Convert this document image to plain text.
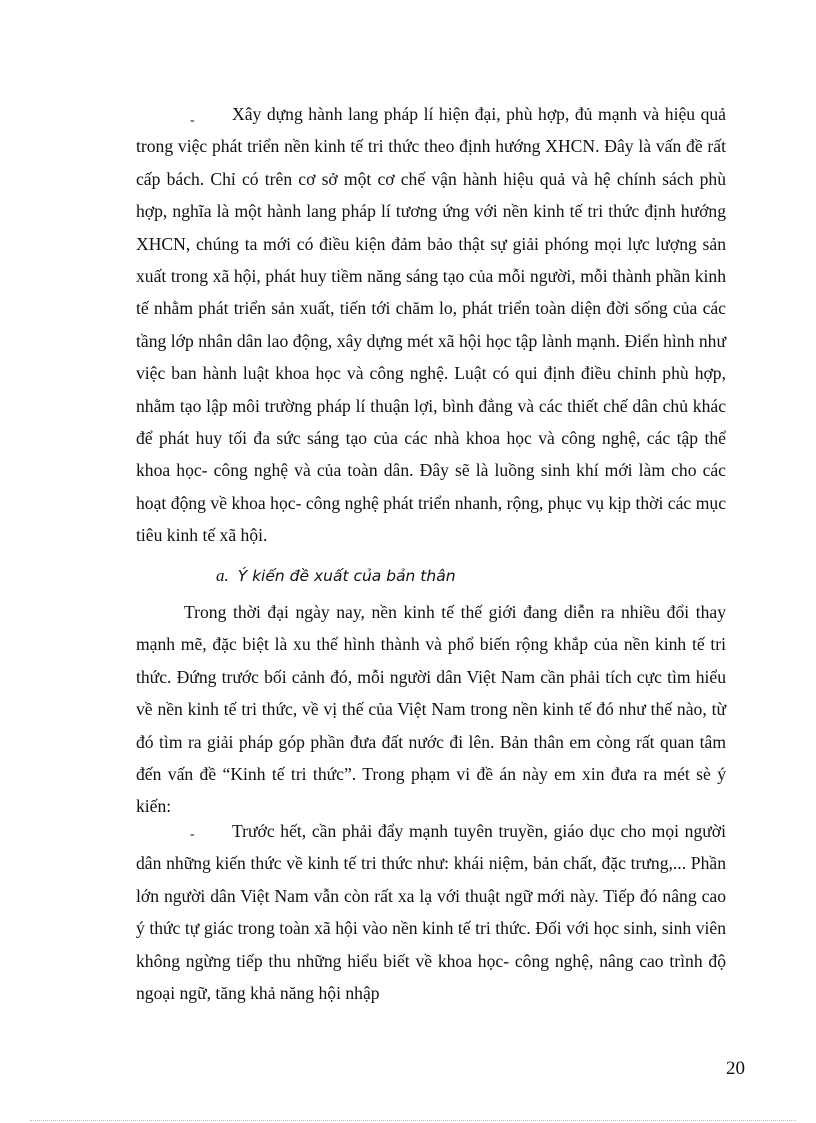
-	Xây dựng hành lang pháp lí hiện đại, phù hợp, đủ mạnh và hiệu quả trong việc phát triển nền kinh tế tri thức theo định hướng XHCN. Đây là vấn đề rất cấp bách. Chỉ có trên cơ sở một cơ chế vận hành hiệu quả và hệ chính sách phù hợp, nghĩa là một hành lang pháp lí tương ứng với nền kinh tế tri thức định hướng XHCN, chúng ta mới có điều kiện đảm bảo thật sự giải phóng mọi lực lượng sản xuất trong xã hội, phát huy tiềm năng sáng tạo của mỗi người, mỗi thành phần kinh tế nhằm phát triển sản xuất, tiến tới chăm lo, phát triển toàn diện đời sống của các tầng lớp nhân dân lao động, xây dựng mét xã hội học tập lành mạnh. Điển hình như việc ban hành luật khoa học và công nghệ. Luật có qui định điều chỉnh phù hợp, nhằm tạo lập môi trường pháp lí thuận lợi, bình đẳng và các thiết chế dân chủ khác để phát huy tối đa sức sáng tạo của các nhà khoa học và công nghệ, các tập thể khoa học- công nghệ và của toàn dân. Đây sẽ là luồng sinh khí mới làm cho các hoạt động về khoa học- công nghệ phát triển nhanh, rộng, phục vụ kịp thời các mục tiêu kinh tế xã hội.

a. Ý kiến đề xuất của bản thân

Trong thời đại ngày nay, nền kinh tế thế giới đang diễn ra nhiều đổi thay mạnh mẽ, đặc biệt là xu thế hình thành và phổ biến rộng khắp của nền kinh tế tri thức. Đứng trước bối cảnh đó, mỗi người dân Việt Nam cần phải tích cực tìm hiểu về nền kinh tế tri thức, về vị thế của Việt Nam trong nền kinh tế đó như thế nào, từ đó tìm ra giải pháp góp phần đưa đất nước đi lên. Bản thân em còng rất quan tâm đến vấn đề “Kinh tế tri thức”. Trong phạm vi đề án này em xin đưa ra mét sè ý kiến:

-	Trước hết, cần phải đẩy mạnh tuyên truyền, giáo dục cho mọi người dân những kiến thức về kinh tế tri thức như: khái niệm, bản chất, đặc trưng,... Phần lớn người dân Việt Nam vẫn còn rất xa lạ với thuật ngữ mới này. Tiếp đó nâng cao ý thức tự giác trong toàn xã hội vào nền kinh tế tri thức. Đối với học sinh, sinh viên không ngừng tiếp thu những hiểu biết về khoa học- công nghệ, nâng cao trình độ ngoại ngữ, tăng khả năng hội nhập

20
